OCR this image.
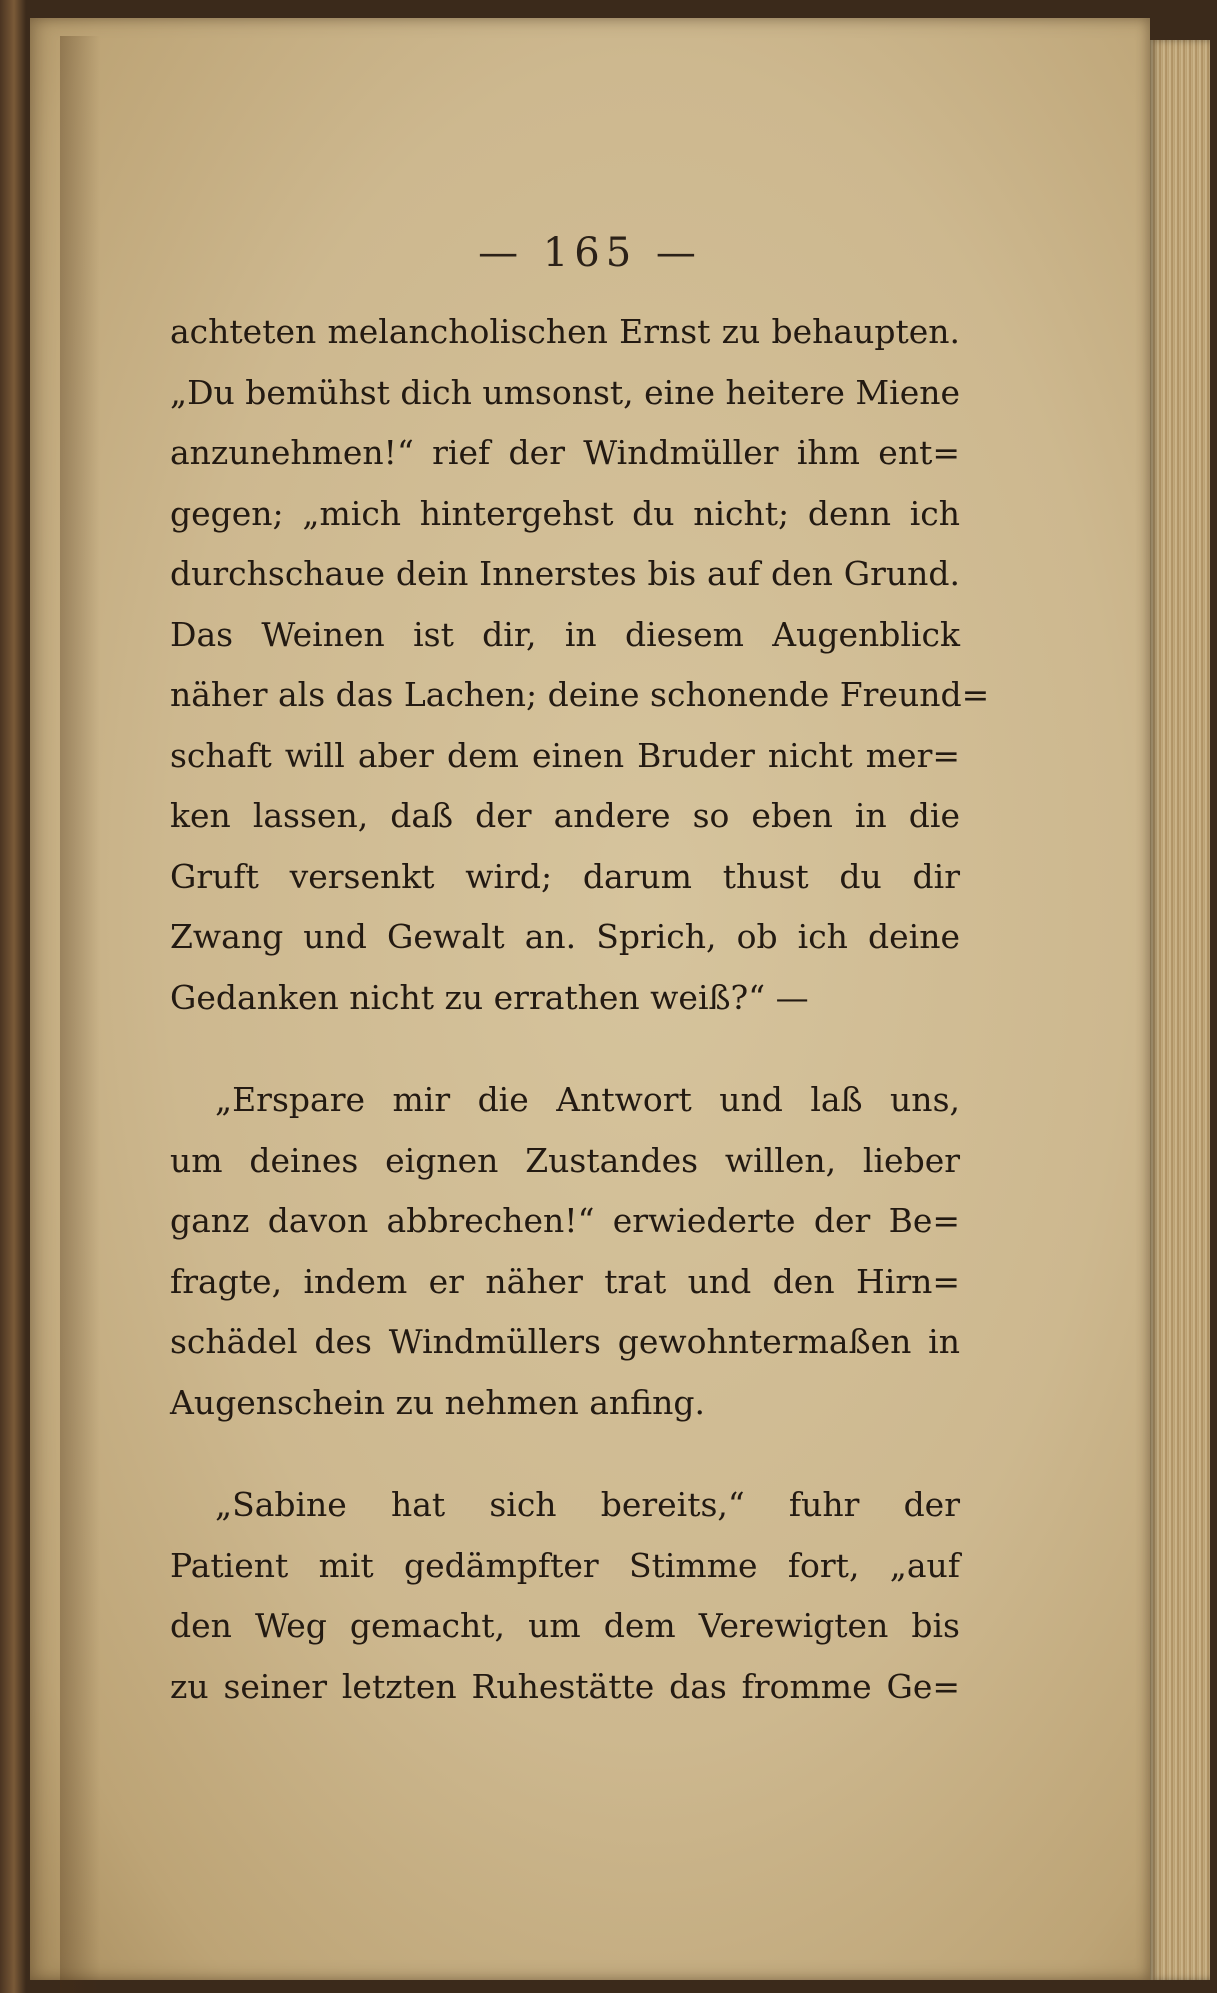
— 165 —
achteten melancholischen Ernst zu behaupten.
„Du bemühst dich umsonst, eine heitere Miene
anzunehmen!“ rief der Windmüller ihm ent=
gegen; „mich hintergehst du nicht; denn ich
durchschaue dein Innerstes bis auf den Grund.
Das Weinen ist dir, in diesem Augenblick
näher als das Lachen; deine schonende Freund=
schaft will aber dem einen Bruder nicht mer=
ken lassen, daß der andere so eben in die
Gruft versenkt wird; darum thust du dir
Zwang und Gewalt an. Sprich, ob ich deine
Gedanken nicht zu errathen weiß?“ —
„Erspare mir die Antwort und laß uns,
um deines eignen Zustandes willen, lieber
ganz davon abbrechen!“ erwiederte der Be=
fragte, indem er näher trat und den Hirn=
schädel des Windmüllers gewohntermaßen in
Augenschein zu nehmen anfing.
„Sabine hat sich bereits,“ fuhr der
Patient mit gedämpfter Stimme fort, „auf
den Weg gemacht, um dem Verewigten bis
zu seiner letzten Ruhestätte das fromme Ge=
